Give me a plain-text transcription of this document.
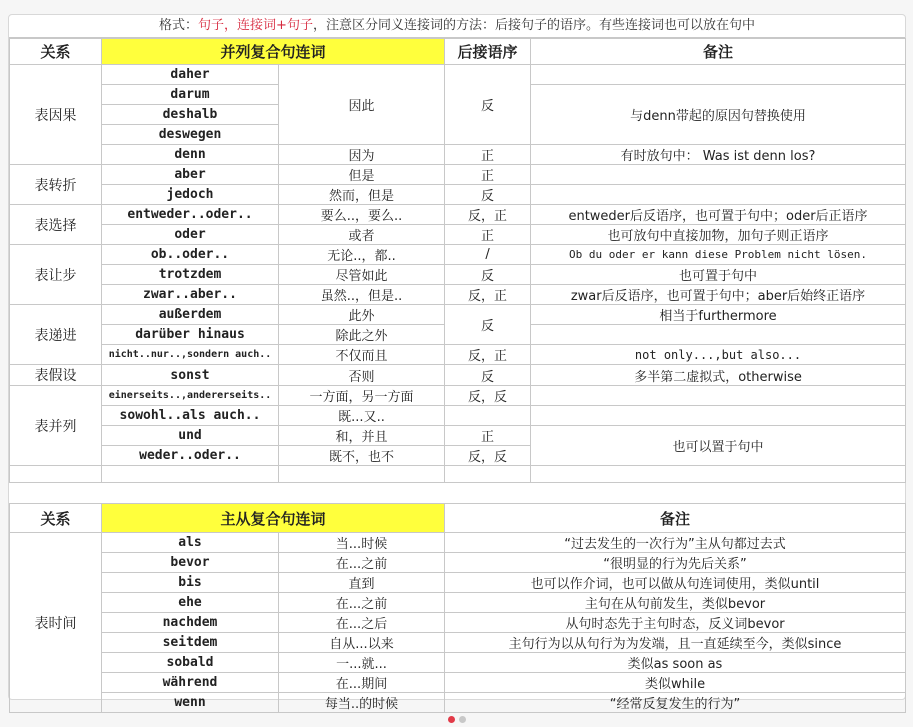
格式：句子，连接词+句子，注意区分同义连接词的方法：后接句子的语序。有些连接词也可以放在句中
关系	并列复合句连词		后接语序	备注
表因果	daher	因此	反	
	darum			与denn带起的原因句替换使用
	deshalb			
	deswegen			
	denn	因为	正	有时放句中： Was ist denn los?
表转折	aber	但是	正	
	jedoch	然而，但是	反	
表选择	entweder..oder..	要么..，要么..	反，正	entweder后反语序，也可置于句中；oder后正语序
	oder	或者	正	也可放句中直接加物，加句子则正语序
表让步	ob..oder..	无论..，都..	/	Ob du oder er kann diese Problem nicht lösen.
	trotzdem	尽管如此	反	也可置于句中
	zwar..aber..	虽然..，但是..	反，正	zwar后反语序，也可置于句中；aber后始终正语序
表递进	außerdem	此外	反	相当于furthermore
	darüber hinaus	除此之外		
	nicht..nur..,sondern auch..	不仅而且	反，正	not only...,but also...
表假设	sonst	否则	反	多半第二虚拟式，otherwise
表并列	einerseits..,andererseits..	一方面，另一方面	反，反	
	sowohl..als auch..	既...又..		
	und	和，并且	正	也可以置于句中
	weder..oder..	既不，也不	反，反	

关系	主从复合句连词		备注
表时间	als	当...时候	“过去发生的一次行为”主从句都过去式
	bevor	在...之前	“很明显的行为先后关系”
	bis	直到	也可以作介词，也可以做从句连词使用，类似until
	ehe	在...之前	主句在从句前发生，类似bevor
	nachdem	在...之后	从句时态先于主句时态，反义词bevor
	seitdem	自从...以来	主句行为以从句行为为发端，且一直延续至今，类似since
	sobald	一...就...	类似as soon as
	während	在...期间	类似while
	wenn	每当..的时候	“经常反复发生的行为”
